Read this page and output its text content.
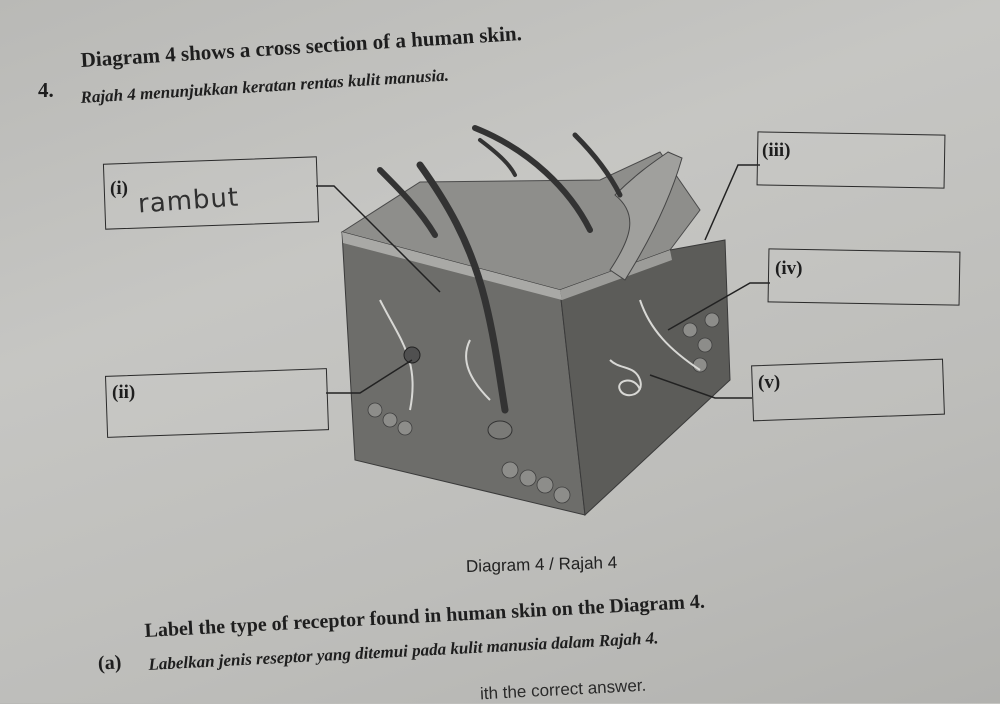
4.
Diagram 4 shows a cross section of a human skin.
Rajah 4 menunjukkan keratan rentas kulit manusia.
(i) rambut
(ii)
(iii)
(iv)
(v)
Diagram 4 / Rajah 4
(a)
Label the type of receptor found in human skin on the Diagram 4.
Labelkan jenis reseptor yang ditemui pada kulit manusia dalam Rajah 4.
ith the correct answer.
